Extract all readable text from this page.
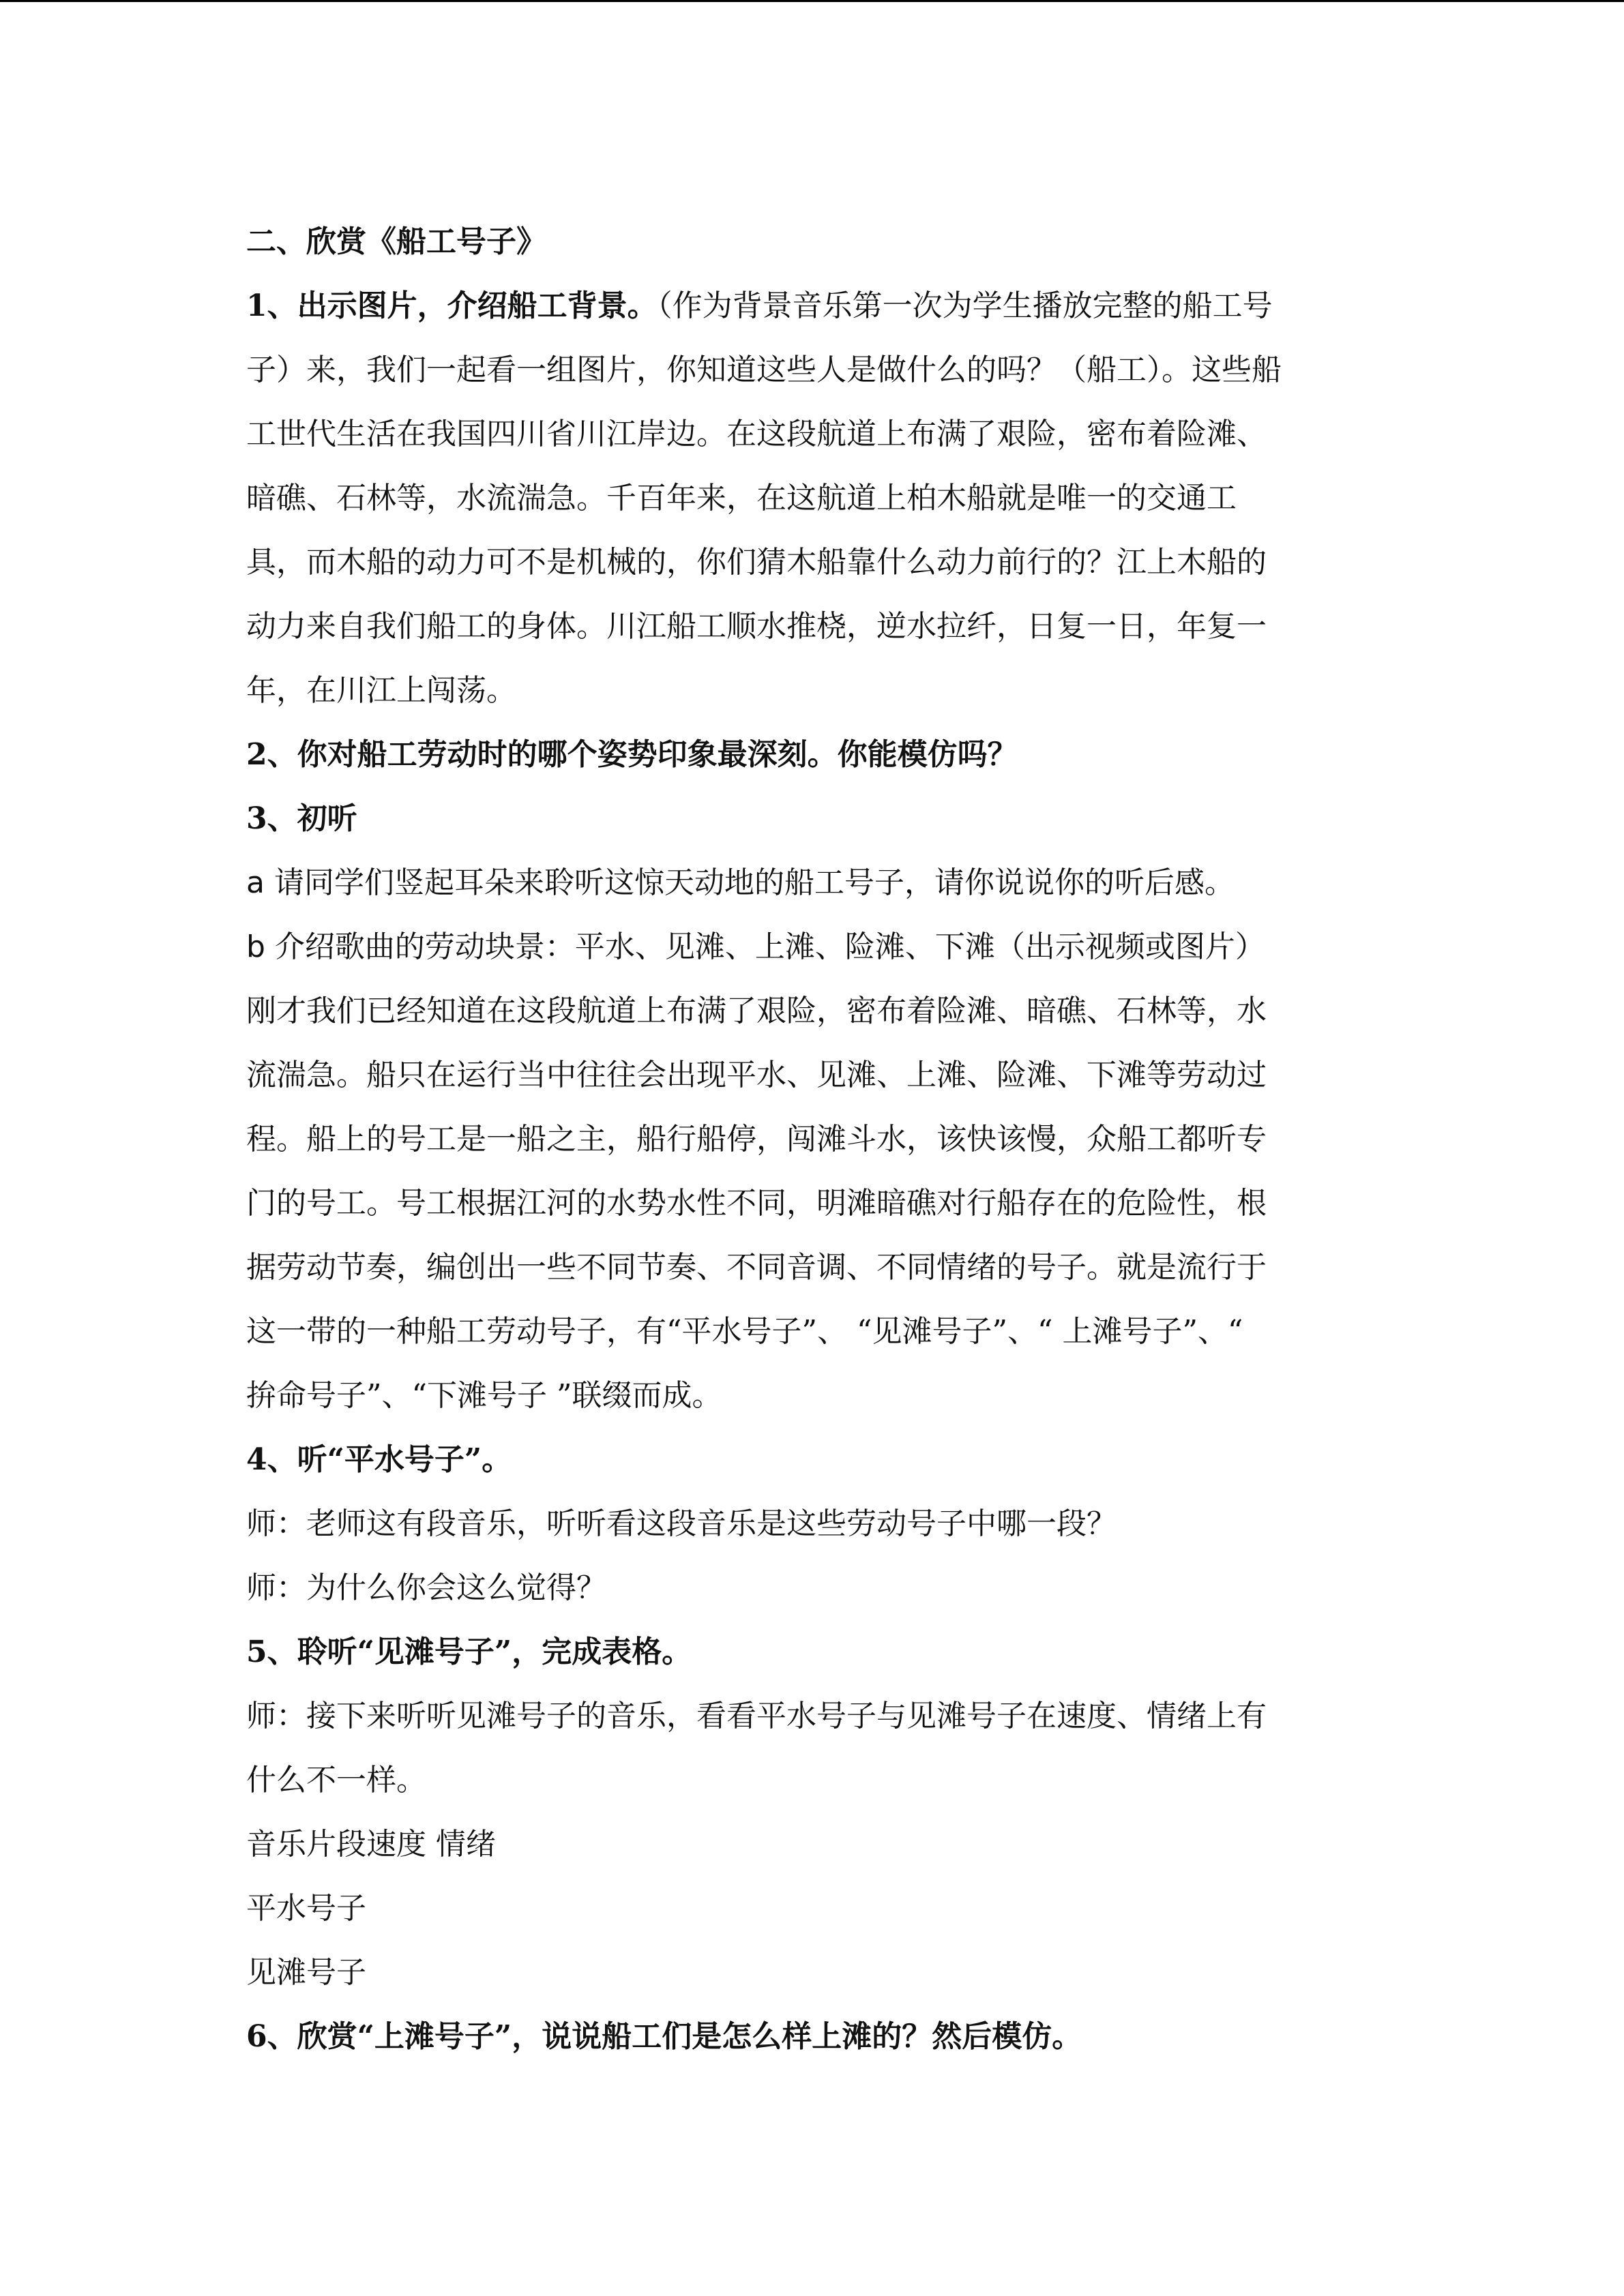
二、欣赏《船工号子》
1、出示图片，介绍船工背景。（作为背景音乐第一次为学生播放完整的船工号
子）来，我们一起看一组图片，你知道这些人是做什么的吗？（船工）。这些船
工世代生活在我国四川省川江岸边。在这段航道上布满了艰险，密布着险滩、
暗礁、石林等，水流湍急。千百年来，在这航道上柏木船就是唯一的交通工
具，而木船的动力可不是机械的，你们猜木船靠什么动力前行的？江上木船的
动力来自我们船工的身体。川江船工顺水推桡，逆水拉纤，日复一日，年复一
年，在川江上闯荡。
2、你对船工劳动时的哪个姿势印象最深刻。你能模仿吗？
3、初听
a 请同学们竖起耳朵来聆听这惊天动地的船工号子，请你说说你的听后感。
b 介绍歌曲的劳动块景：平水、见滩、上滩、险滩、下滩（出示视频或图片）
刚才我们已经知道在这段航道上布满了艰险，密布着险滩、暗礁、石林等，水
流湍急。船只在运行当中往往会出现平水、见滩、上滩、险滩、下滩等劳动过
程。船上的号工是一船之主，船行船停，闯滩斗水，该快该慢，众船工都听专
门的号工。号工根据江河的水势水性不同，明滩暗礁对行船存在的危险性，根
据劳动节奏，编创出一些不同节奏、不同音调、不同情绪的号子。就是流行于
这一带的一种船工劳动号子，有“平水号子”、 “见滩号子”、“ 上滩号子”、“
拚命号子”、“下滩号子 ”联缀而成。
4、听“平水号子”。
师：老师这有段音乐，听听看这段音乐是这些劳动号子中哪一段？
师：为什么你会这么觉得？
5、聆听“见滩号子”，完成表格。
师：接下来听听见滩号子的音乐，看看平水号子与见滩号子在速度、情绪上有
什么不一样。
音乐片段速度 情绪
平水号子
见滩号子
6、欣赏“上滩号子”，说说船工们是怎么样上滩的？然后模仿。
